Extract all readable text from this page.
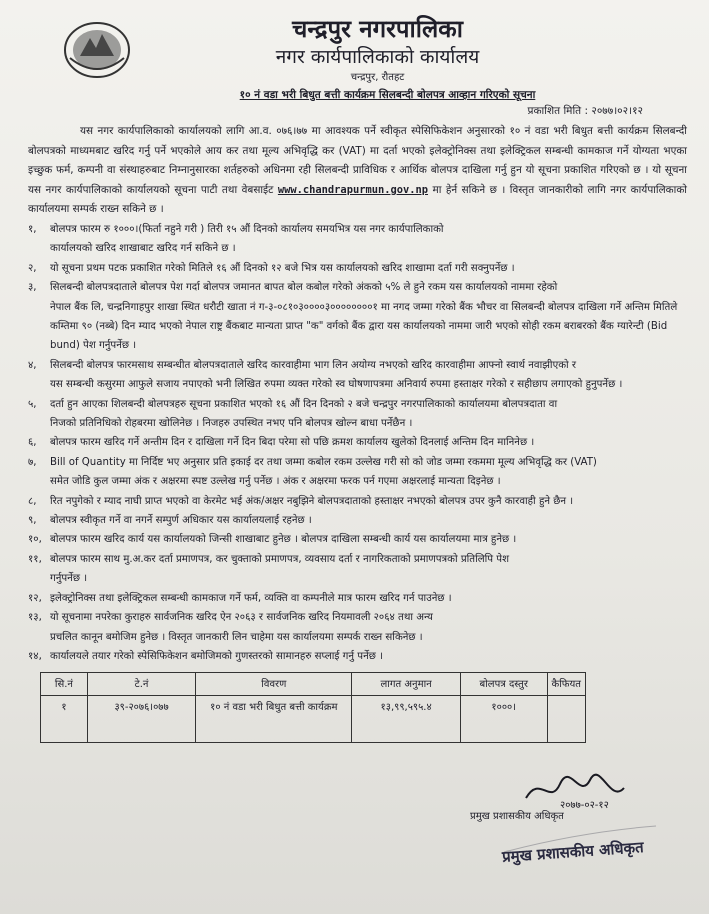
चन्द्रपुर नगरपालिका
नगर कार्यपालिकाको कार्यालय
चन्द्रपुर, रौतहट
१० नं वडा भरी बिधुत बत्ती कार्यक्रम सिलबन्दी बोलपत्र आव्हान गरिएको सूचना
प्रकाशित मिति : २०७७।०२।१२

यस नगर कार्यपालिकाको कार्यालयको लागि आ.व. ०७६।७७ मा आवश्यक पर्ने स्वीकृत स्पेसिफिकेशन अनुसारको १० नं वडा भरी बिधुत बत्ती कार्यक्रम सिलबन्दी बोलपत्रको माध्यमबाट खरिद गर्नु पर्ने भएकोले आय कर तथा मूल्य अभिवृद्धि कर (VAT) मा दर्ता भएको इलेक्ट्रोनिक्स तथा इलेक्ट्रिकल सम्बन्धी कामकाज गर्ने योग्यता भएका इच्छुक फर्म, कम्पनी वा संस्थाहरुबाट निम्नानुसारका शर्तहरुको अधिनमा रही सिलबन्दी प्राविधिक र आर्थिक बोलपत्र दाखिला गर्नु हुन यो सूचना प्रकाशित गरिएको छ । यो सूचना यस नगर कार्यपालिकाको कार्यालयको सूचना पाटी तथा वेबसाईट www.chandrapurmun.gov.np मा हेर्न सकिने छ । विस्तृत जानकारीको लागि नगर कार्यपालिकाको कार्यालयमा सम्पर्क राख्न सकिने छ ।

१, बोलपत्र फारम रु १०००।(फिर्ता नहुने गरी ) तिरी १५ औं दिनको कार्यालय समयभित्र यस नगर कार्यपालिकाको
कार्यालयको खरिद शाखाबाट खरिद गर्न सकिने छ ।
२, यो सूचना प्रथम पटक प्रकाशित गरेको मितिले १६ औं दिनको १२ बजे भित्र यस कार्यालयको खरिद शाखामा दर्ता गरी सक्नुपर्नेछ ।
३, सिलबन्दी बोलपत्रदाताले बोलपत्र पेश गर्दा बोलपत्र जमानत बापत बोल कबोल गरेको अंकको ५% ले हुने रकम यस कार्यालयको नाममा रहेको
नेपाल बैंक लि, चन्द्रनिगाहपुर शाखा स्थित धरौटी खाता नं ग-३-०८१०३००००३००००००००१ मा नगद जम्मा गरेको बैंक भौचर वा सिलबन्दी बोलपत्र दाखिला गर्ने अन्तिम मितिले कम्तिमा ९० (नब्बे) दिन म्याद भएको नेपाल राष्ट्र बैंकबाट मान्यता प्राप्त "क" वर्गको बैंक द्वारा यस कार्यालयको नाममा जारी भएको सोही रकम बराबरको बैंक ग्यारेन्टी (Bid bund) पेश गर्नुपर्नेछ ।
४, सिलबन्दी बोलपत्र फारमसाथ सम्बन्धीत बोलपत्रदाताले खरिद कारवाहीमा भाग लिन अयोग्य नभएको खरिद कारवाहीमा आफ्नो स्वार्थ नवाझीएको र
यस सम्बन्धी कसुरमा आफुले सजाय नपाएको भनी लिखित रुपमा व्यक्त गरेको स्व घोषणापत्रमा अनिवार्य रुपमा हस्ताक्षर गरेको र सहीछाप लगाएको हुनुपर्नेछ ।
५, दर्ता हुन आएका शिलबन्दी बोलपत्रहरु सूचना प्रकाशित भएको १६ औं दिन दिनको २ बजे चन्द्रपुर नगरपालिकाको कार्यालयमा बोलपत्रदाता वा
निजको प्रतिनिधिको रोहबरमा खोलिनेछ । निजहरु उपस्थित नभए पनि बोलपत्र खोल्न बाधा पर्नेछैन ।
६, बोलपत्र फारम खरिद गर्ने अन्तीम दिन र दाखिला गर्ने दिन बिदा परेमा सो पछि क्रमश कार्यालय खुलेको दिनलाई अन्तिम दिन मानिनेछ ।
७, Bill of Quantity मा निर्दिष्ट भए अनुसार प्रति इकाई दर तथा जम्मा कबोल रकम उल्लेख गरी सो को जोड जम्मा रकममा मूल्य अभिवृद्धि कर (VAT)
समेत जोडि कुल जम्मा अंक र अक्षरमा स्पष्ट उल्लेख गर्नु पर्नेछ । अंक र अक्षरमा फरक पर्न गएमा अक्षरलाई मान्यता दिइनेछ ।
८, रित नपुगेको र म्याद नाघी प्राप्त भएको वा केरमेट भई अंक/अक्षर नबुझिने बोलपत्रदाताको हस्ताक्षर नभएको बोलपत्र उपर कुनै कारवाही हुने छैन ।
९, बोलपत्र स्वीकृत गर्ने वा नगर्ने सम्पुर्ण अधिकार यस कार्यालयलाई रहनेछ ।
१०, बोलपत्र फारम खरिद कार्य यस कार्यालयको जिन्सी शाखाबाट हुनेछ । बोलपत्र दाखिला सम्बन्धी कार्य यस कार्यालयमा मात्र हुनेछ ।
११, बोलपत्र फारम साथ मु.अ.कर दर्ता प्रमाणपत्र, कर चुक्ताको प्रमाणपत्र, व्यवसाय दर्ता र नागरिकताको प्रमाणपत्रको प्रतिलिपि पेश
गर्नुपर्नेछ ।
१२, इलेक्ट्रोनिक्स तथा इलेक्ट्रिकल सम्बन्धी कामकाज गर्ने फर्म, व्यक्ति वा कम्पनीले मात्र फारम खरिद गर्न पाउनेछ ।
१३, यो सूचनामा नपरेका कुराहरु सार्वजनिक खरिद ऐन २०६३ र सार्वजनिक खरिद नियमावली २०६४ तथा अन्य
प्रचलित कानून बमोजिम हुनेछ । विस्तृत जानकारी लिन चाहेमा यस कार्यालयमा सम्पर्क राख्न सकिनेछ ।
१४, कार्यालयले तयार गरेको स्पेसिफिकेशन बमोजिमको गुणस्तरको सामानहरु सप्लाई गर्नु पर्नेछ ।
सि.नं	टे.नं	विवरण	लागत अनुमान	बोलपत्र दस्तुर	कैफियत
१	३९-२०७६।०७७	१० नं वडा भरी बिधुत बत्ती कार्यक्रम	१३,९९,५९५.४	१०००।	
२०७७-०२-१२
प्रमुख प्रशासकीय अधिकृत
प्रमुख प्रशासकीय अधिकृत
